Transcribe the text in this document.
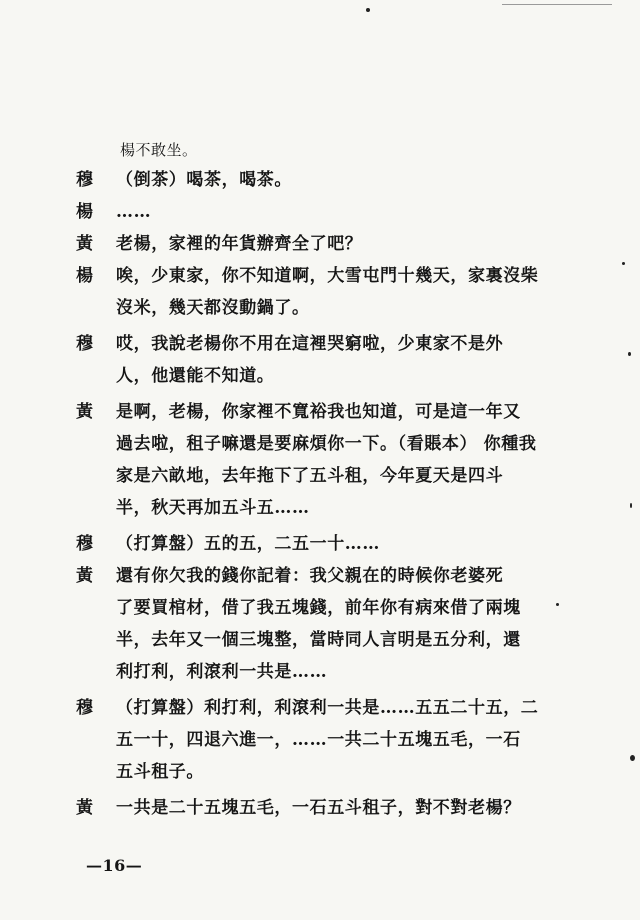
楊不敢坐。
穆 （倒茶）喝茶，喝茶。
楊 ……
黃 老楊，家裡的年貨辦齊全了吧？
楊 唉，少東家，你不知道啊，大雪屯門十幾天，家裏沒柴
沒米，幾天都沒動鍋了。
穆 哎，我說老楊你不用在這裡哭窮啦，少東家不是外
人，他還能不知道。
黃 是啊，老楊，你家裡不寬裕我也知道，可是這一年又
過去啦，租子嘛還是要麻煩你一下。（看賬本） 你種我
家是六畝地，去年拖下了五斗租，今年夏天是四斗
半，秋天再加五斗五……
穆 （打算盤）五的五，二五一十……
黃 還有你欠我的錢你記着：我父親在的時候你老婆死
了要買棺材，借了我五塊錢，前年你有病來借了兩塊
半，去年又一個三塊整，當時同人言明是五分利，還
利打利，利滾利一共是……
穆 （打算盤）利打利，利滾利一共是……五五二十五，二
五一十，四退六進一，……一共二十五塊五毛，一石
五斗租子。
黃 一共是二十五塊五毛，一石五斗租子，對不對老楊？
—16—
